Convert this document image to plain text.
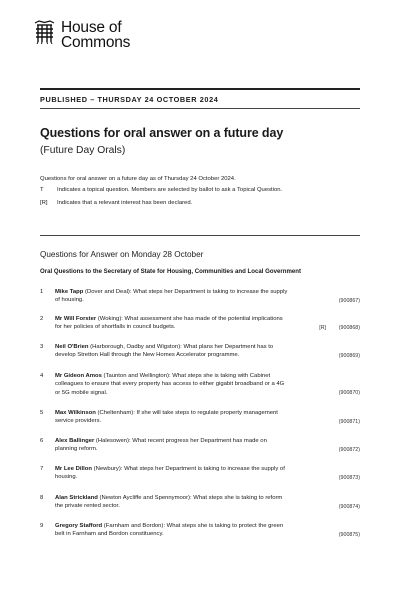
House of
Commons
PUBLISHED – THURSDAY 24 OCTOBER 2024
Questions for oral answer on a future day
(Future Day Orals)
Questions for oral answer on a future day as of Thursday 24 October 2024.
T	Indicates a topical question. Members are selected by ballot to ask a Topical Question.
[R]	Indicates that a relevant interest has been declared.
Questions for Answer on Monday 28 October
Oral Questions to the Secretary of State for Housing, Communities and Local Government
1 Mike Tapp (Dover and Deal): What steps her Department is taking to increase the supply of housing.	(900867)
2 Mr Will Forster (Woking): What assessment she has made of the potential implications for her policies of shortfalls in council budgets.	[R] (900868)
3 Neil O'Brien (Harborough, Oadby and Wigston): What plans her Department has to develop Stretton Hall through the New Homes Accelerator programme.	(900869)
4 Mr Gideon Amos (Taunton and Wellington): What steps she is taking with Cabinet colleagues to ensure that every property has access to either gigabit broadband or a 4G or 5G mobile signal.	(900870)
5 Max Wilkinson (Cheltenham): If she will take steps to regulate property management service providers.	(900871)
6 Alex Ballinger (Halesowen): What recent progress her Department has made on planning reform.	(900872)
7 Mr Lee Dillon (Newbury): What steps her Department is taking to increase the supply of housing.	(900873)
8 Alan Strickland (Newton Aycliffe and Spennymoor): What steps she is taking to reform the private rented sector.	(900874)
9 Gregory Stafford (Farnham and Bordon): What steps she is taking to protect the green belt in Farnham and Bordon constituency.	(900875)
